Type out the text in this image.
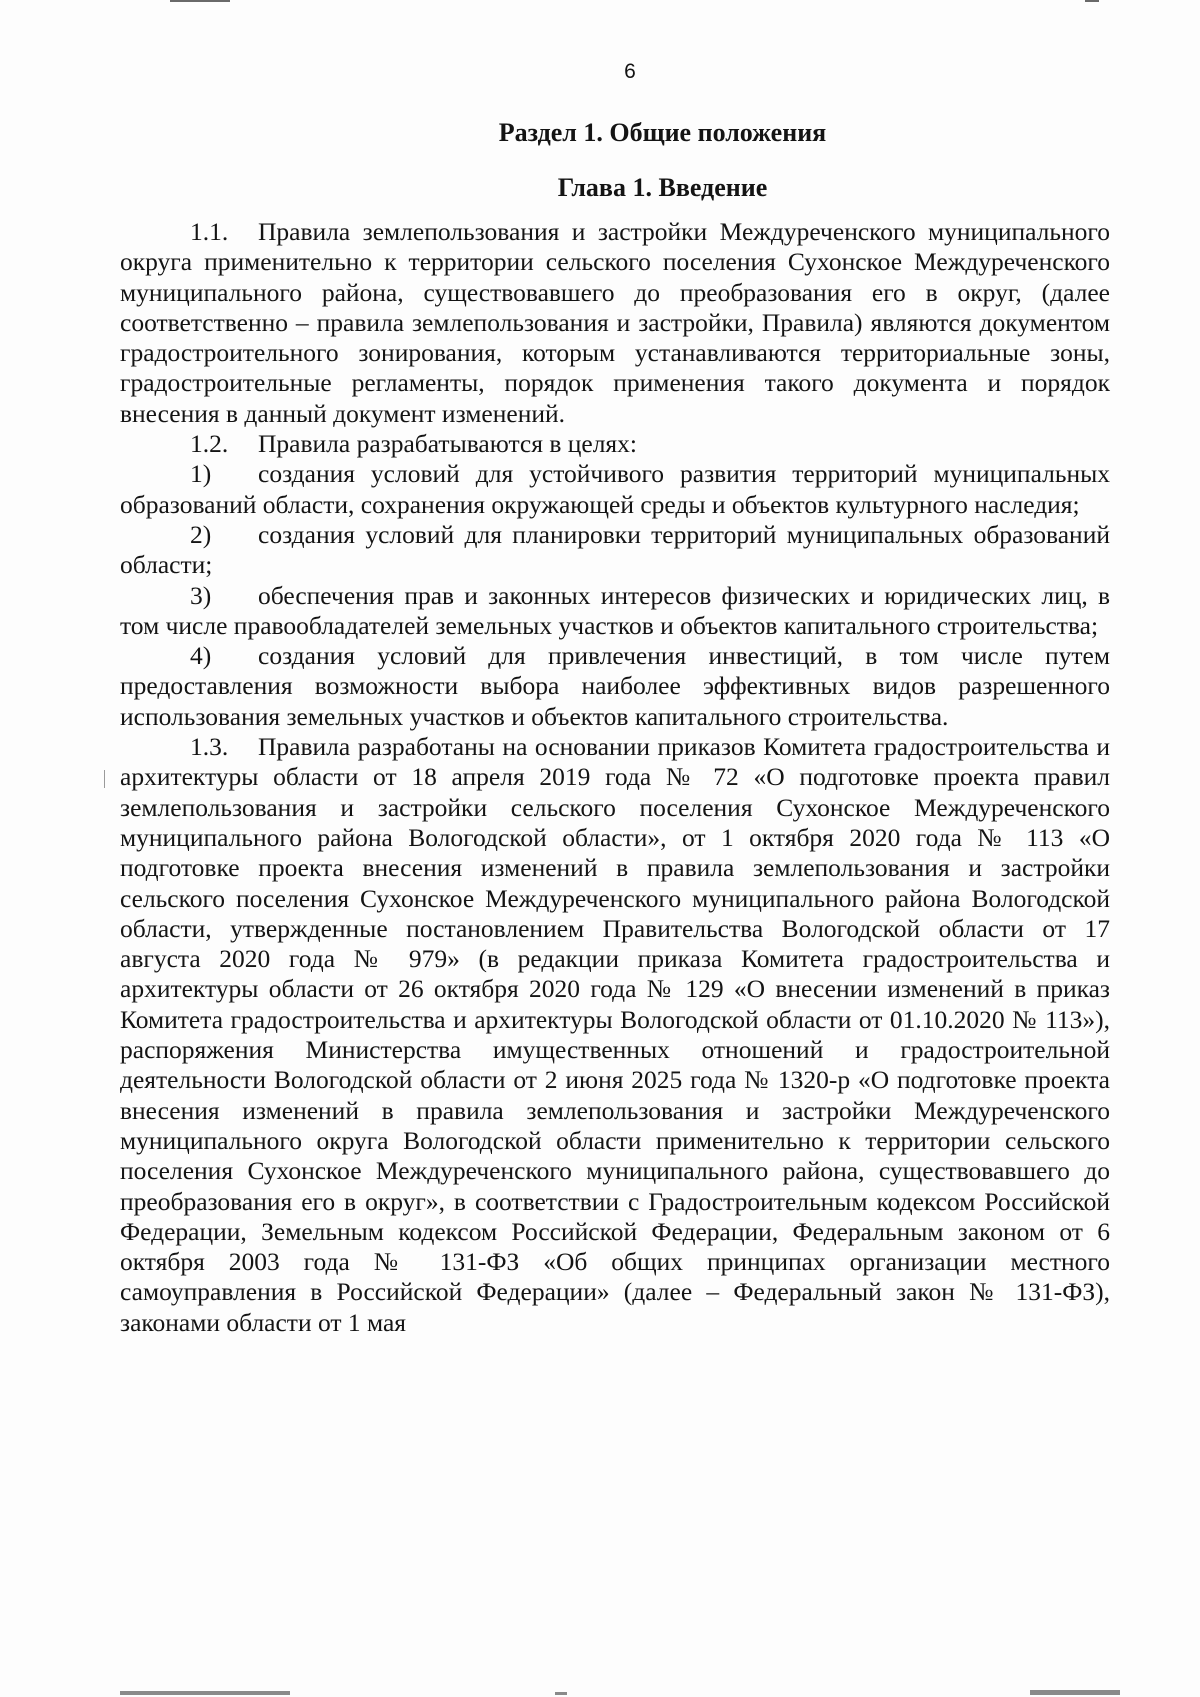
6
Раздел 1. Общие положения
Глава 1. Введение

1.1. Правила землепользования и застройки Междуреченского муниципального округа применительно к территории сельского поселения Сухонское Междуреченского муниципального района, существовавшего до преобразования его в округ, (далее соответственно – правила землепользования и застройки, Правила) являются документом градостроительного зонирования, которым устанавливаются территориальные зоны, градостроительные регламенты, порядок применения такого документа и порядок внесения в данный документ изменений.

1.2. Правила разрабатываются в целях:

1) создания условий для устойчивого развития территорий муниципальных образований области, сохранения окружающей среды и объектов культурного наследия;

2) создания условий для планировки территорий муниципальных образований области;

3) обеспечения прав и законных интересов физических и юридических лиц, в том числе правообладателей земельных участков и объектов капитального строительства;

4) создания условий для привлечения инвестиций, в том числе путем предоставления возможности выбора наиболее эффективных видов разрешенного использования земельных участков и объектов капитального строительства.

1.3. Правила разработаны на основании приказов Комитета градостроительства и архитектуры области от 18 апреля 2019 года № 72 «О подготовке проекта правил землепользования и застройки сельского поселения Сухонское Междуреченского муниципального района Вологодской области», от 1 октября 2020 года № 113 «О подготовке проекта внесения изменений в правила землепользования и застройки сельского поселения Сухонское Междуреченского муниципального района Вологодской области, утвержденные постановлением Правительства Вологодской области от 17 августа 2020 года № 979» (в редакции приказа Комитета градостроительства и архитектуры области от 26 октября 2020 года № 129 «О внесении изменений в приказ Комитета градостроительства и архитектуры Вологодской области от 01.10.2020 № 113»), распоряжения Министерства имущественных отношений и градостроительной деятельности Вологодской области от 2 июня 2025 года № 1320-р «О подготовке проекта внесения изменений в правила землепользования и застройки Междуреченского муниципального округа Вологодской области применительно к территории сельского поселения Сухонское Междуреченского муниципального района, существовавшего до преобразования его в округ», в соответствии с Градостроительным кодексом Российской Федерации, Земельным кодексом Российской Федерации, Федеральным законом от 6 октября 2003 года № 131-ФЗ «Об общих принципах организации местного самоуправления в Российской Федерации» (далее – Федеральный закон № 131-ФЗ), законами области от 1 мая
